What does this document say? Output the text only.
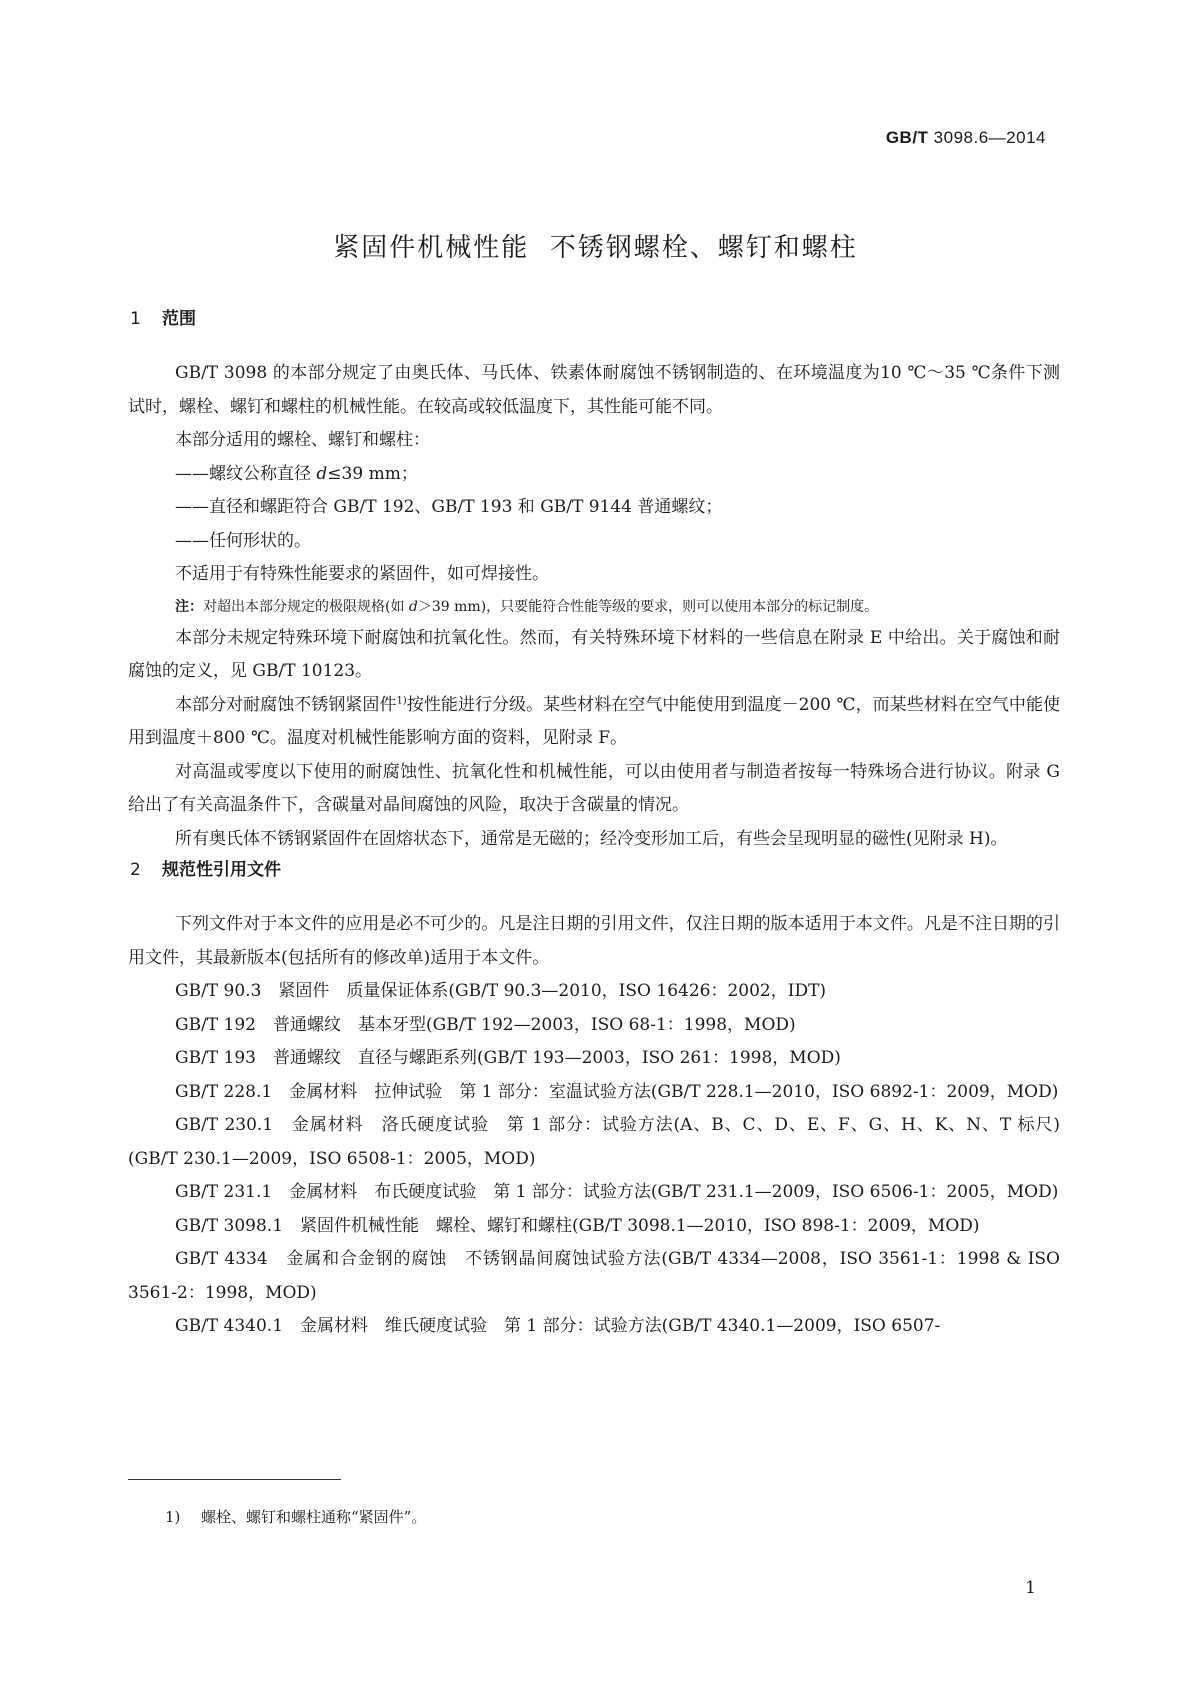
GB/T 3098.6—2014
紧固件机械性能  不锈钢螺栓、螺钉和螺柱
1 范围

GB/T 3098 的本部分规定了由奥氏体、马氏体、铁素体耐腐蚀不锈钢制造的、在环境温度为10 ℃～35 ℃条件下测试时，螺栓、螺钉和螺柱的机械性能。在较高或较低温度下，其性能可能不同。

本部分适用的螺栓、螺钉和螺柱：

——螺纹公称直径 d≤39 mm；

——直径和螺距符合 GB/T 192、GB/T 193 和 GB/T 9144 普通螺纹；

——任何形状的。

不适用于有特殊性能要求的紧固件，如可焊接性。

注：对超出本部分规定的极限规格(如 d＞39 mm)，只要能符合性能等级的要求，则可以使用本部分的标记制度。

本部分未规定特殊环境下耐腐蚀和抗氧化性。然而，有关特殊环境下材料的一些信息在附录 E 中给出。关于腐蚀和耐腐蚀的定义，见 GB/T 10123。

本部分对耐腐蚀不锈钢紧固件$^{1)}$按性能进行分级。某些材料在空气中能使用到温度－200 ℃，而某些材料在空气中能使用到温度＋800 ℃。温度对机械性能影响方面的资料，见附录 F。

对高温或零度以下使用的耐腐蚀性、抗氧化性和机械性能，可以由使用者与制造者按每一特殊场合进行协议。附录 G 给出了有关高温条件下，含碳量对晶间腐蚀的风险，取决于含碳量的情况。

所有奥氏体不锈钢紧固件在固熔状态下，通常是无磁的；经冷变形加工后，有些会呈现明显的磁性(见附录 H)。

2 规范性引用文件

下列文件对于本文件的应用是必不可少的。凡是注日期的引用文件，仅注日期的版本适用于本文件。凡是不注日期的引用文件，其最新版本(包括所有的修改单)适用于本文件。

GB/T 90.3　紧固件　质量保证体系(GB/T 90.3—2010，ISO 16426：2002，IDT)

GB/T 192　普通螺纹　基本牙型(GB/T 192—2003，ISO 68-1：1998，MOD)

GB/T 193　普通螺纹　直径与螺距系列(GB/T 193—2003，ISO 261：1998，MOD)

GB/T 228.1　金属材料　拉伸试验　第 1 部分：室温试验方法(GB/T 228.1—2010，ISO 6892-1：2009，MOD)

GB/T 230.1　金属材料　洛氏硬度试验　第 1 部分：试验方法(A、B、C、D、E、F、G、H、K、N、T 标尺)(GB/T 230.1—2009，ISO 6508-1：2005，MOD)

GB/T 231.1　金属材料　布氏硬度试验　第 1 部分：试验方法(GB/T 231.1—2009，ISO 6506-1：2005，MOD)

GB/T 3098.1　紧固件机械性能　螺栓、螺钉和螺柱(GB/T 3098.1—2010，ISO 898-1：2009，MOD)

GB/T 4334　金属和合金钢的腐蚀　不锈钢晶间腐蚀试验方法(GB/T 4334—2008，ISO 3561-1：1998 & ISO 3561-2：1998，MOD)

GB/T 4340.1　金属材料　维氏硬度试验　第 1 部分：试验方法(GB/T 4340.1—2009，ISO 6507-

1) 螺栓、螺钉和螺柱通称“紧固件”。
1
